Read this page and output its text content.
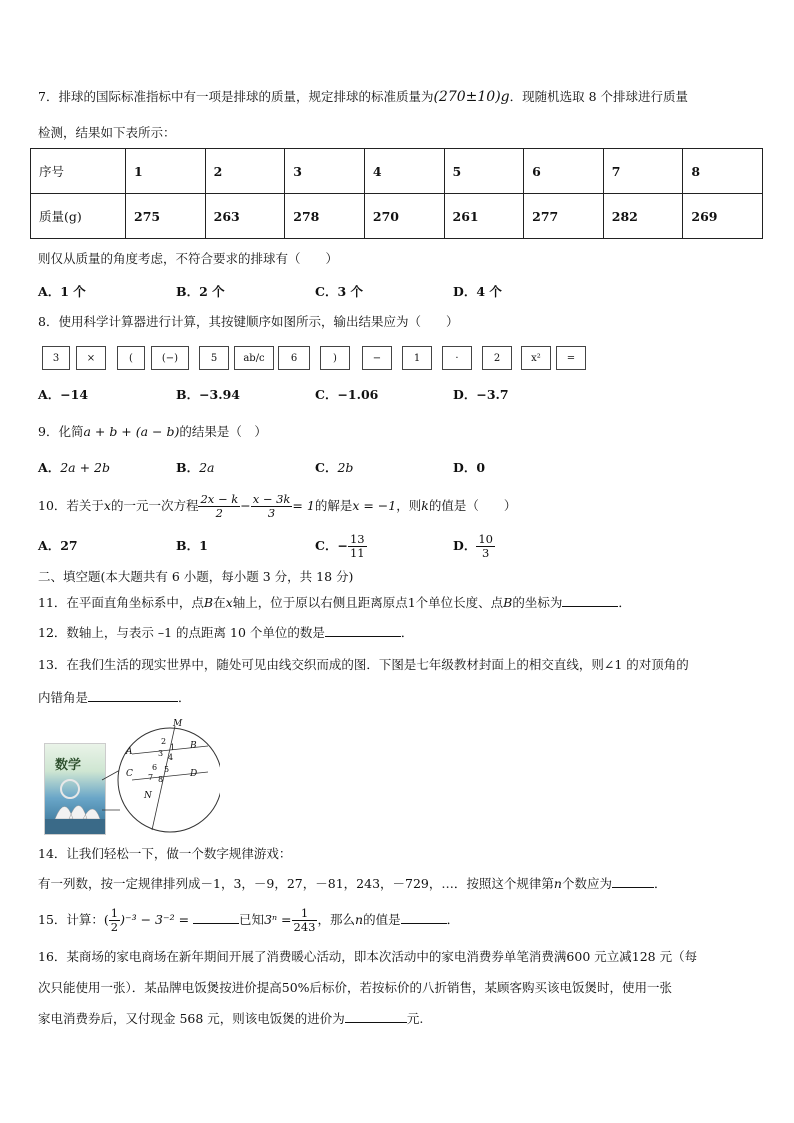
7．排球的国际标准指标中有一项是排球的质量，规定排球的标准质量为(270±10)g．现随机选取 8 个排球进行质量
检测，结果如下表所示：
序号	1	2	3	4	5	6	7	8
质量(g)	275	263	278	270	261	277	282	269
则仅从质量的角度考虑，不符合要求的排球有（　　）
A．1 个	B．2 个	C．3 个	D．4 个
8．使用科学计算器进行计算，其按键顺序如图所示，输出结果应为（　　）
3	×	(	(−)	5	ab/c	6	)	−	1	·	2	x²	=
A．−14	B．−3.94	C．−1.06	D．−3.7
9．化简a + b + (a − b)的结果是（　）
A．2a + 2b	B．2a	C．2b	D．0
10．若关于x的一元一次方程 $\frac{2x - k}{2} - \frac{x - 3k}{3} = 1$的解是x = −1，则k的值是（　　）
A．27	B．1	C．− $\frac{13}{11}$	D． $\frac{10}{3}$
二、填空题(本大题共有 6 小题，每小题 3 分，共 18 分)
11．在平面直角坐标系中，点B在x轴上，位于原以右侧且距离原点1个单位长度、点B的坐标为	．
12．数轴上，与表示 –1 的点距离 10 个单位的数是	．
13．在我们生活的现实世界中，随处可见由线交织而成的图．下图是七年级教材封面上的相交直线，则∠1 的对顶角的
内错角是	．
数学
M
A
B
C	D
N
1
2
3 4
5
6
7 8
14．让我们轻松一下，做一个数字规律游戏：
有一列数，按一定规律排列成－1，3，－9，27，－81，243，－729，…．按照这个规律第n个数应为	．
15．计算：( $\frac{1}{2} )^{-3} - 3^{-2}$ =	已知$3^n = \frac{1}{243}$ ，那么n的值是	．
16．某商场的家电商场在新年期间开展了消费暖心活动，即本次活动中的家电消费券单笔消费满600 元立减128 元（每
次只能使用一张）．某品牌电饭煲按进价提高50%后标价，若按标价的八折销售，某顾客购买该电饭煲时，使用一张
家电消费券后，又付现金 568 元，则该电饭煲的进价为	元.
